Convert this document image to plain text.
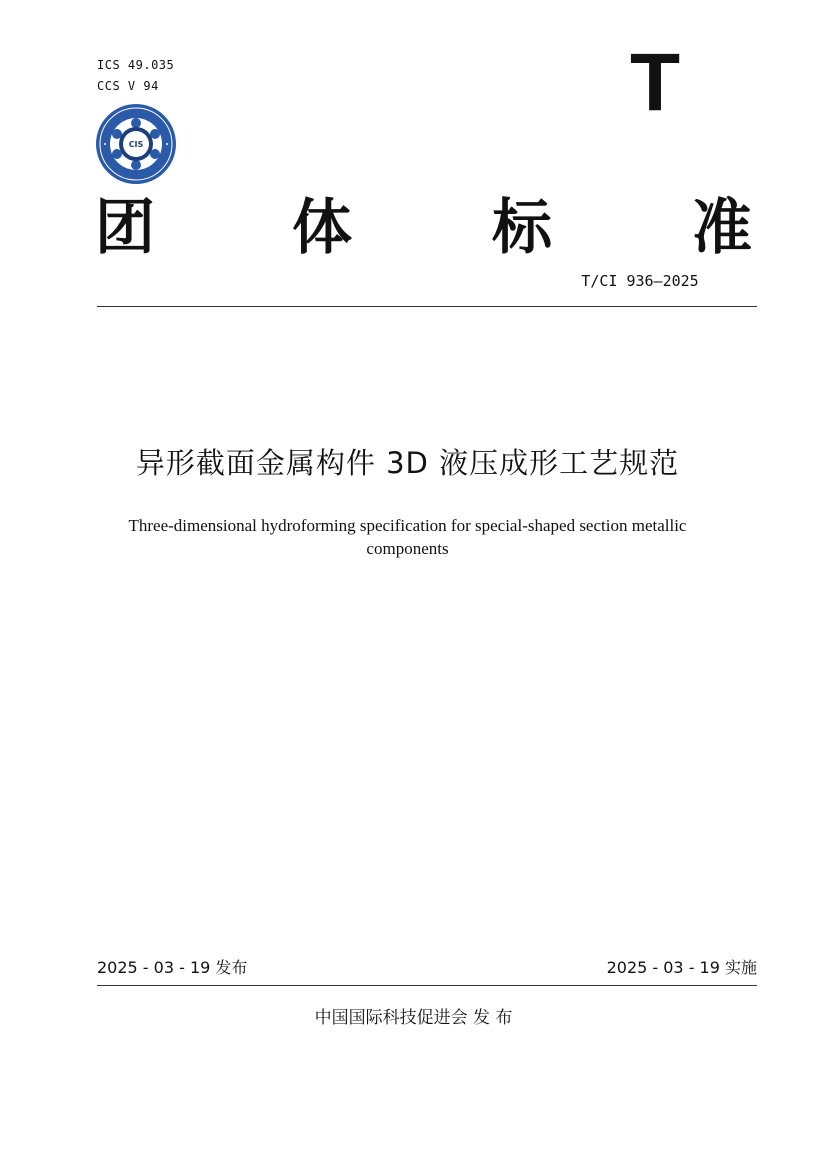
ICS 49.035
CCS V 94
CIS
T
团 体 标 准
T/CI 936—2025
异形截面金属构件 3D 液压成形工艺规范
Three-dimensional hydroforming specification for special-shaped section metallic components
2025 - 03 - 19 发布	2025 - 03 - 19 实施
中国国际科技促进会 发 布
